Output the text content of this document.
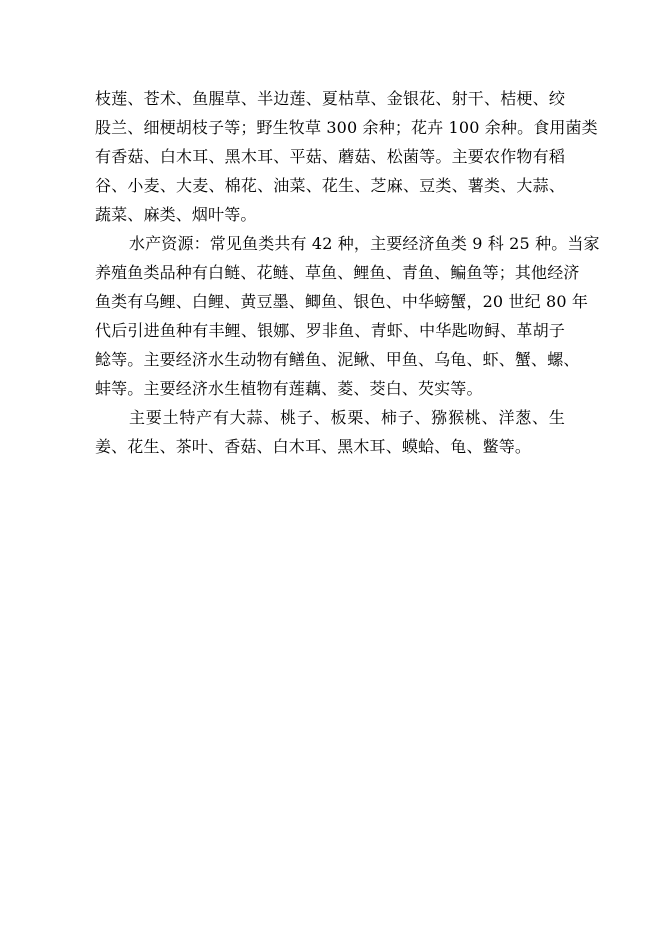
枝莲、苍术、鱼腥草、半边莲、夏枯草、金银花、射干、桔梗、绞
股兰、细梗胡枝子等；野生牧草 300 余种；花卉 100 余种。食用菌类
有香菇、白木耳、黑木耳、平菇、蘑菇、松菌等。主要农作物有稻
谷、小麦、大麦、棉花、油菜、花生、芝麻、豆类、薯类、大蒜、
蔬菜、麻类、烟叶等。
水产资源：常见鱼类共有 42 种，主要经济鱼类 9 科 25 种。当家
养殖鱼类品种有白鲢、花鲢、草鱼、鲤鱼、青鱼、鳊鱼等；其他经济
鱼类有乌鲤、白鲤、黄豆墨、鲫鱼、银色、中华螃蟹，20 世纪 80 年
代后引进鱼种有丰鲤、银娜、罗非鱼、青虾、中华匙吻鲟、革胡子
鲶等。主要经济水生动物有鳝鱼、泥鳅、甲鱼、乌龟、虾、蟹、螺、
蚌等。主要经济水生植物有莲藕、菱、茭白、芡实等。
主要土特产有大蒜、桃子、板栗、柿子、猕猴桃、洋葱、生
姜、花生、茶叶、香菇、白木耳、黑木耳、蟆蛤、龟、鳖等。
